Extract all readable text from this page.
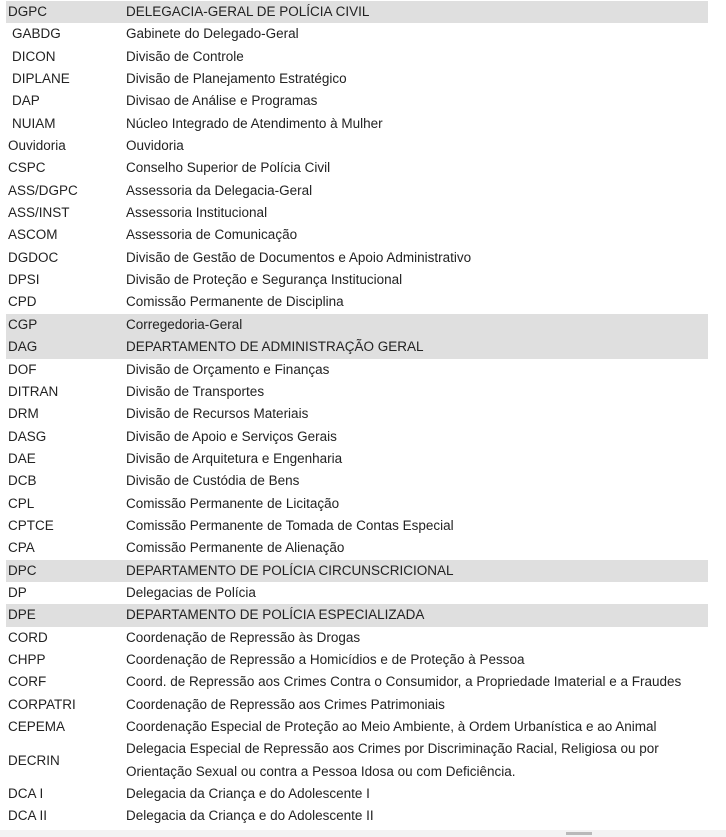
DGPC	DELEGACIA-GERAL DE POLÍCIA CIVIL
GABDG	Gabinete do Delegado-Geral
DICON	Divisão de Controle
DIPLANE	Divisão de Planejamento Estratégico
DAP	Divisao de Análise e Programas
NUIAM	Núcleo Integrado de Atendimento à Mulher
Ouvidoria	Ouvidoria
CSPC	Conselho Superior de Polícia Civil
ASS/DGPC	Assessoria da Delegacia-Geral
ASS/INST	Assessoria Institucional
ASCOM	Assessoria de Comunicação
DGDOC	Divisão de Gestão de Documentos e Apoio Administrativo
DPSI	Divisão de Proteção e Segurança Institucional
CPD	Comissão Permanente de Disciplina
CGP	Corregedoria-Geral
DAG	DEPARTAMENTO DE ADMINISTRAÇÃO GERAL
DOF	Divisão de Orçamento e Finanças
DITRAN	Divisão de Transportes
DRM	Divisão de Recursos Materiais
DASG	Divisão de Apoio e Serviços Gerais
DAE	Divisão de Arquitetura e Engenharia
DCB	Divisão de Custódia de Bens
CPL	Comissão Permanente de Licitação
CPTCE	Comissão Permanente de Tomada de Contas Especial
CPA	Comissão Permanente de Alienação
DPC	DEPARTAMENTO DE POLÍCIA CIRCUNSCRICIONAL
DP	Delegacias de Polícia
DPE	DEPARTAMENTO DE POLÍCIA ESPECIALIZADA
CORD	Coordenação de Repressão às Drogas
CHPP	Coordenação de Repressão a Homicídios e de Proteção à Pessoa
CORF	Coord. de Repressão aos Crimes Contra o Consumidor, a Propriedade Imaterial e a Fraudes
CORPATRI	Coordenação de Repressão aos Crimes Patrimoniais
CEPEMA	Coordenação Especial de Proteção ao Meio Ambiente, à Ordem Urbanística e ao Animal
DECRIN	Delegacia Especial de Repressão aos Crimes por Discriminação Racial, Religiosa ou por Orientação Sexual ou contra a Pessoa Idosa ou com Deficiência.
DCA I	Delegacia da Criança e do Adolescente I
DCA II	Delegacia da Criança e do Adolescente II
